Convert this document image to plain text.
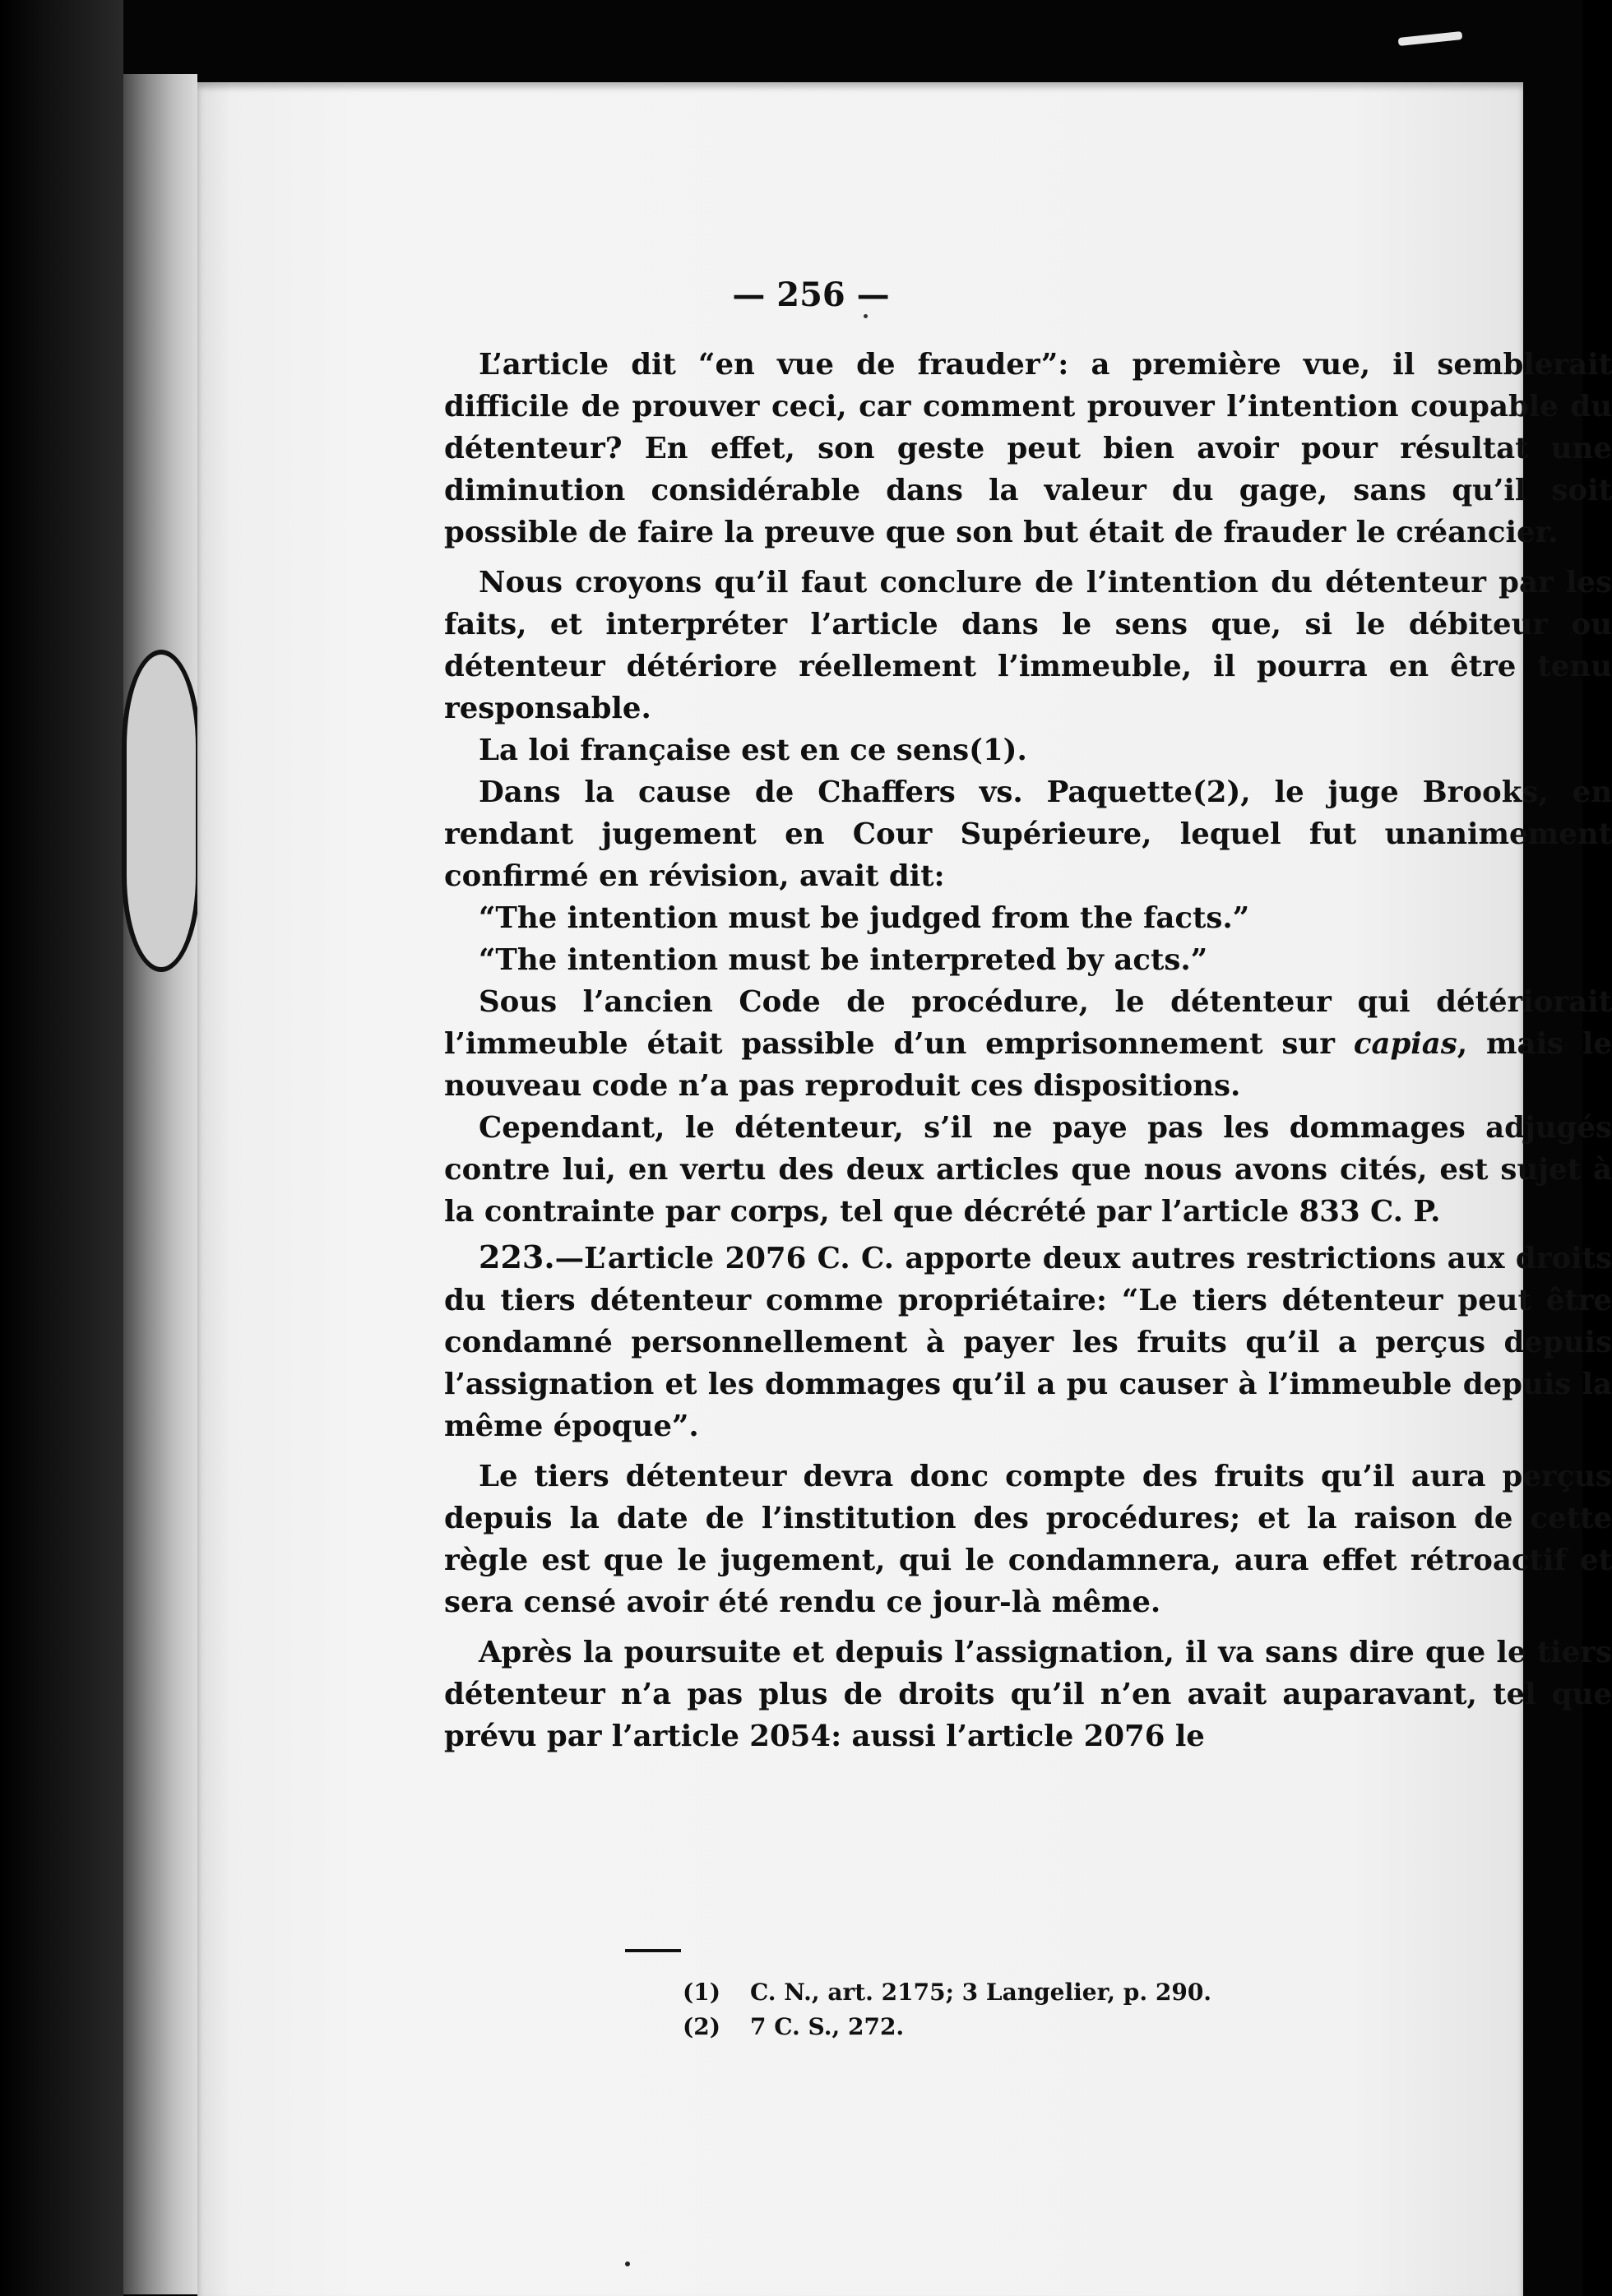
— 256 —

L’article dit “en vue de frauder”: a première vue, il semblerait difficile de prouver ceci, car comment prouver l’intention coupable du détenteur? En effet, son geste peut bien avoir pour résultat une diminution considérable dans la valeur du gage, sans qu’il soit possible de faire la preuve que son but était de frauder le créancier.

Nous croyons qu’il faut conclure de l’intention du détenteur par les faits, et interpréter l’article dans le sens que, si le débiteur ou détenteur détériore réellement l’immeuble, il pourra en être tenu responsable.

La loi française est en ce sens(1).

Dans la cause de Chaffers vs. Paquette(2), le juge Brooks, en rendant jugement en Cour Supérieure, lequel fut unanimement confirmé en révision, avait dit:

“The intention must be judged from the facts.”

“The intention must be interpreted by acts.”

Sous l’ancien Code de procédure, le détenteur qui détériorait l’immeuble était passible d’un emprisonnement sur capias, mais le nouveau code n’a pas reproduit ces dispositions.

Cependant, le détenteur, s’il ne paye pas les dommages adjugés contre lui, en vertu des deux articles que nous avons cités, est sujet à la contrainte par corps, tel que décrété par l’article 833 C. P.

223.—L’article 2076 C. C. apporte deux autres restrictions aux droits du tiers détenteur comme propriétaire: “Le tiers détenteur peut être condamné personnellement à payer les fruits qu’il a perçus depuis l’assignation et les dommages qu’il a pu causer à l’immeuble depuis la même époque”.

Le tiers détenteur devra donc compte des fruits qu’il aura perçus depuis la date de l’institution des procédures; et la raison de cette règle est que le jugement, qui le condamnera, aura effet rétroactif et sera censé avoir été rendu ce jour-là même.

Après la poursuite et depuis l’assignation, il va sans dire que le tiers détenteur n’a pas plus de droits qu’il n’en avait auparavant, tel que prévu par l’article 2054: aussi l’article 2076 le

(1)	C. N., art. 2175; 3 Langelier, p. 290.
(2)	7 C. S., 272.
